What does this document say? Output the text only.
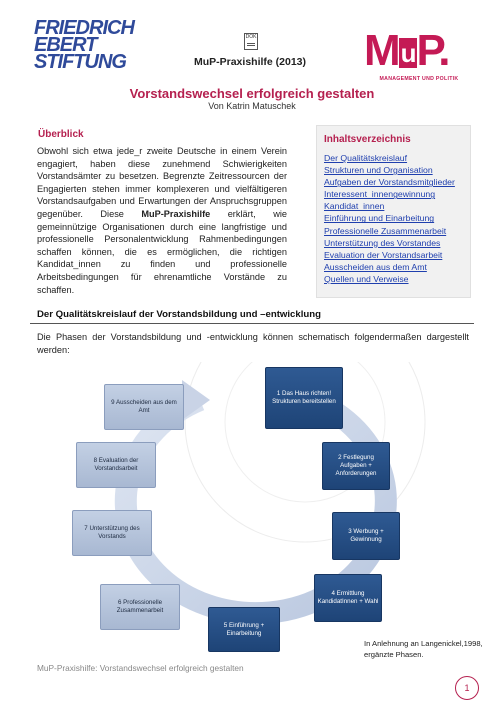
FRIEDRICH
EBERT
STIFTUNG
DOK
MuP-Praxishilfe (2013)	MuP.
MANAGEMENT UND POLITIK
Vorstandswechsel erfolgreich gestalten
Von Katrin Matuschek
Überblick
Obwohl sich etwa jede_r zweite Deutsche in einem Verein engagiert, haben diese zunehmend Schwierigkeiten Vorstandsämter zu besetzen. Begrenzte Zeitressourcen der Engagierten stehen immer komplexeren und vielfältigeren Vorstandsaufgaben und Erwartungen der Anspruchsgruppen gegenüber. Diese MuP-Praxishilfe erklärt, wie gemeinnützige Organisationen durch eine langfristige und professionelle Personalentwicklung Rahmenbedingungen schaffen können, die es ermöglichen, die richtigen Kandidat_innen zu finden und professionelle Arbeitsbedingungen für ehrenamtliche Vorstände zu schaffen.
Inhaltsverzeichnis
Der Qualitätskreislauf
Strukturen und Organisation
Aufgaben der Vorstandsmitglieder
Interessent_innengewinnung
Kandidat_innen
Einführung und Einarbeitung
Professionelle Zusammenarbeit
Unterstützung des Vorstandes
Evaluation der Vorstandsarbeit
Ausscheiden aus dem Amt
Quellen und Verweise
Der Qualitätskreislauf der Vorstandsbildung und –entwicklung
Die Phasen der Vorstandsbildung und -entwicklung können schematisch folgendermaßen dargestellt werden:
1 Das Haus richten!
Strukturen bereitstellen
2 Festlegung Aufgaben + Anforderungen
3 Werbung + Gewinnung
4 Ermittlung KandidatInnen + Wahl
5 Einführung + Einarbeitung
6 Professionelle Zusammenarbeit
7 Unterstützung des Vorstands
8 Evaluation der Vorstandsarbeit
9 Ausscheiden aus dem Amt
In Anlehnung an Langenickel,1998, ergänzte Phasen.
MuP-Praxishilfe: Vorstandswechsel erfolgreich gestalten
1
